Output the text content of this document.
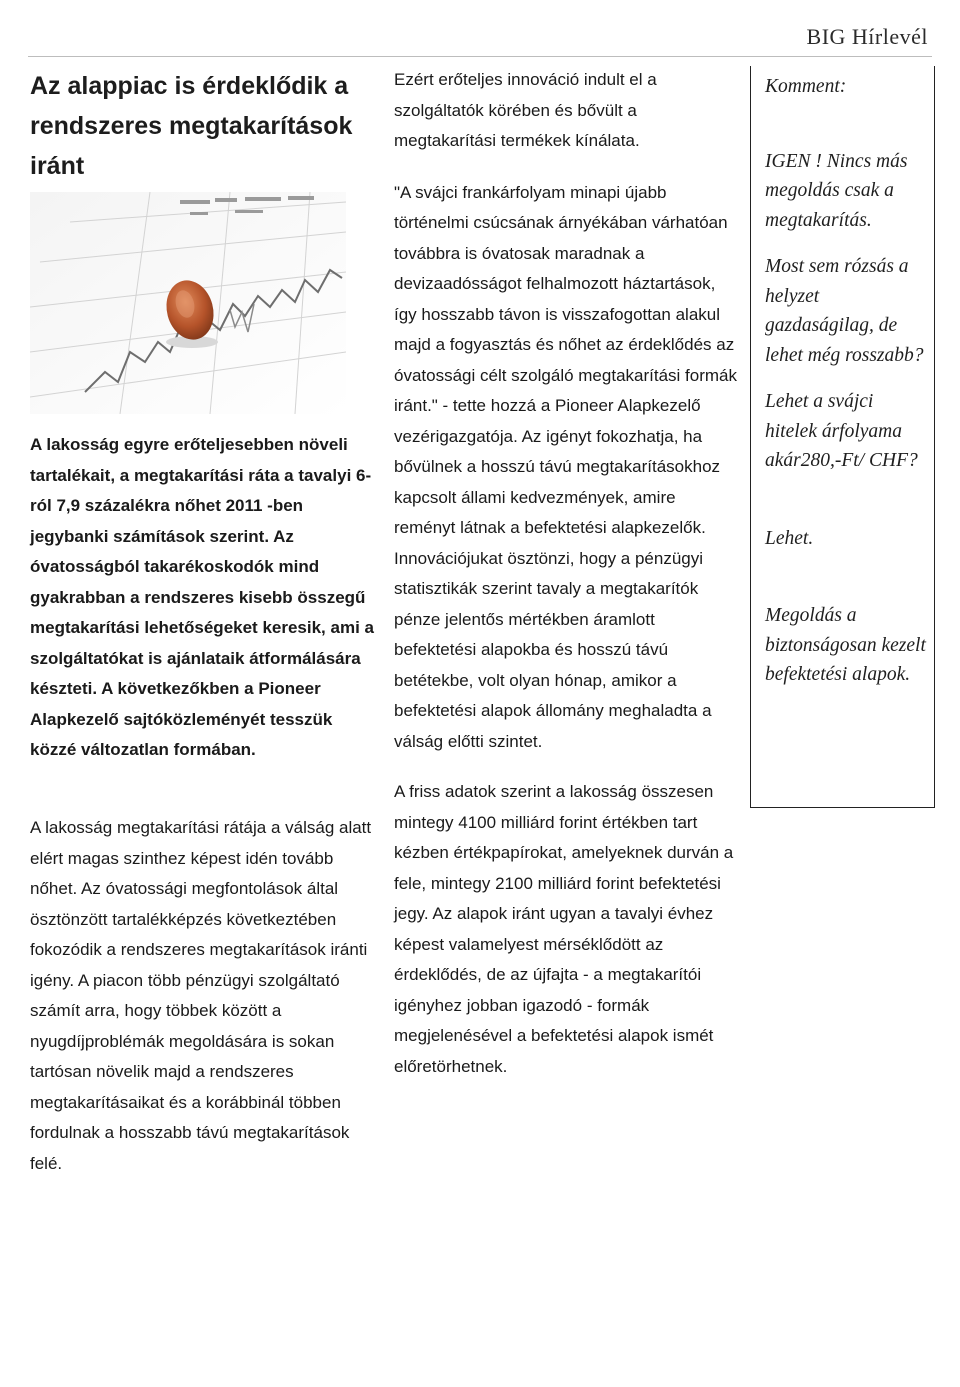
BIG Hírlevél
Az alappiac is érdeklődik a rendszeres megtakarítások iránt

A lakosság egyre erőteljesebben növeli tartalékait, a megtakarítási ráta a tavalyi 6-ról 7,9 százalékra nőhet 2011 -ben jegybanki számítások szerint. Az óvatosságból takarékoskodók mind gyakrabban a rendszeres kisebb összegű megtakarítási lehetőségeket keresik, ami a szolgáltatókat is ajánlataik átformálására készteti. A következőkben a Pioneer Alapkezelő sajtóközleményét tesszük közzé változatlan formában.

A lakosság megtakarítási rátája a válság alatt elért magas szinthez képest idén tovább nőhet. Az óvatossági megfontolások által ösztönzött tartalékképzés következtében fokozódik a rendszeres megtakarítások iránti igény. A piacon több pénzügyi szolgáltató számít arra, hogy többek között a nyugdíjproblémák megoldására is sokan tartósan növelik majd a rendszeres megtakarításaikat és a korábbinál többen fordulnak a hosszabb távú megtakarítások felé.

Ezért erőteljes innováció indult el a szolgáltatók körében és bővült a megtakarítási termékek kínálata.

"A svájci frankárfolyam minapi újabb történelmi csúcsának árnyékában várhatóan továbbra is óvatosak maradnak a devizaadósságot felhalmozott háztartások, így hosszabb távon is visszafogottan alakul majd a fogyasztás és nőhet az érdeklődés az óvatossági célt szolgáló megtakarítási formák iránt." - tette hozzá a Pioneer Alapkezelő vezérigazgatója. Az igényt fokozhatja, ha bővülnek a hosszú távú megtakarításokhoz kapcsolt állami kedvezmények, amire reményt látnak a befektetési alapkezelők. Innovációjukat ösztönzi, hogy a pénzügyi statisztikák szerint tavaly a megtakarítók pénze jelentős mértékben áramlott befektetési alapokba és hosszú távú betétekbe, volt olyan hónap, amikor a befektetési alapok állomány meghaladta a válság előtti szintet.

A friss adatok szerint a lakosság összesen mintegy 4100 milliárd forint értékben tart kézben értékpapírokat, amelyeknek durván a fele, mintegy 2100 milliárd forint befektetési jegy. Az alapok iránt ugyan a tavalyi évhez képest valamelyest mérséklődött az érdeklődés, de az újfajta - a megtakarítói igényhez jobban igazodó - formák megjelenésével a befektetési alapok ismét előretörhetnek.

Komment:

IGEN ! Nincs más megoldás csak a megtakarítás.

Most sem rózsás a helyzet gazdaságilag, de lehet még rosszabb?

Lehet a svájci hitelek árfolyama akár280,-Ft/ CHF?

Lehet.

Megoldás a biztonságosan kezelt befektetési alapok.
